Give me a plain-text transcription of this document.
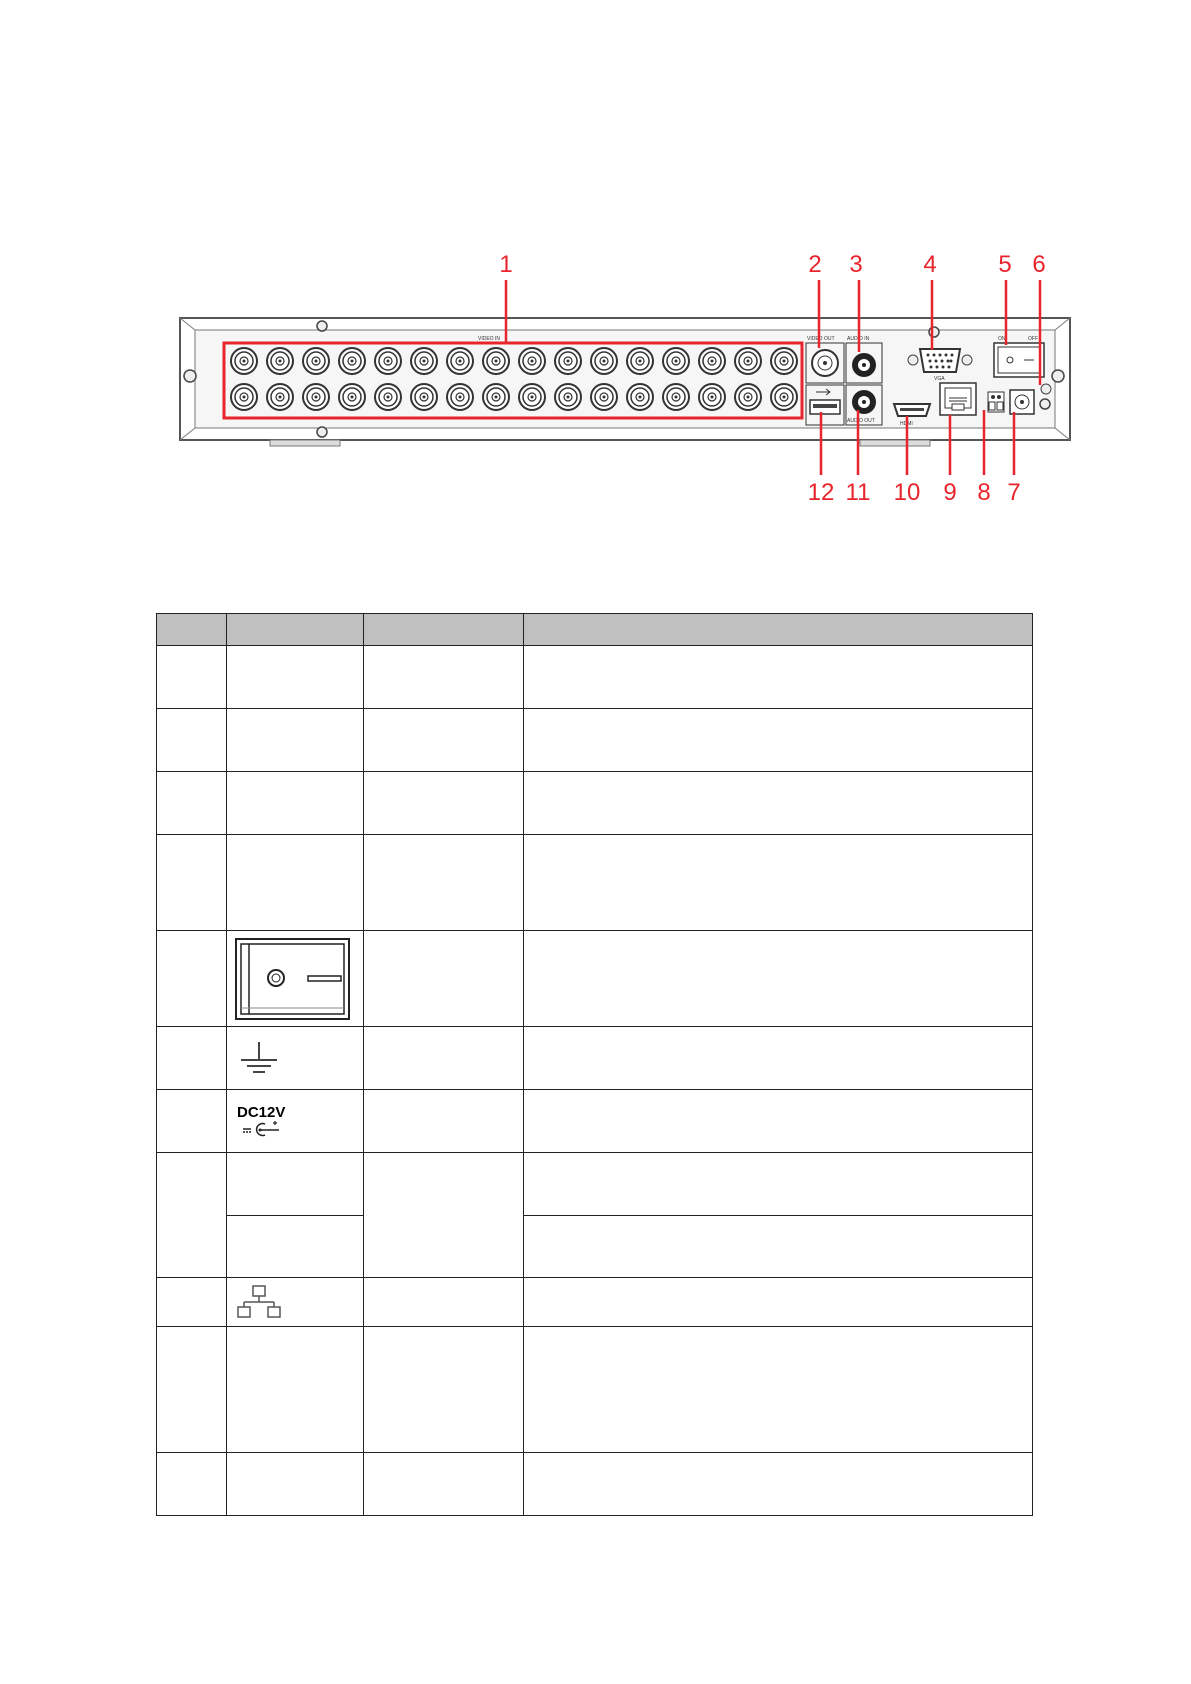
VIDEO IN	VIDEO OUT AUDIO IN
AUDIO OUT
VGA
HDMI
ON	OFF
1	2 3	4	5 6
7
8
9
10
11
12

	DC12V		
